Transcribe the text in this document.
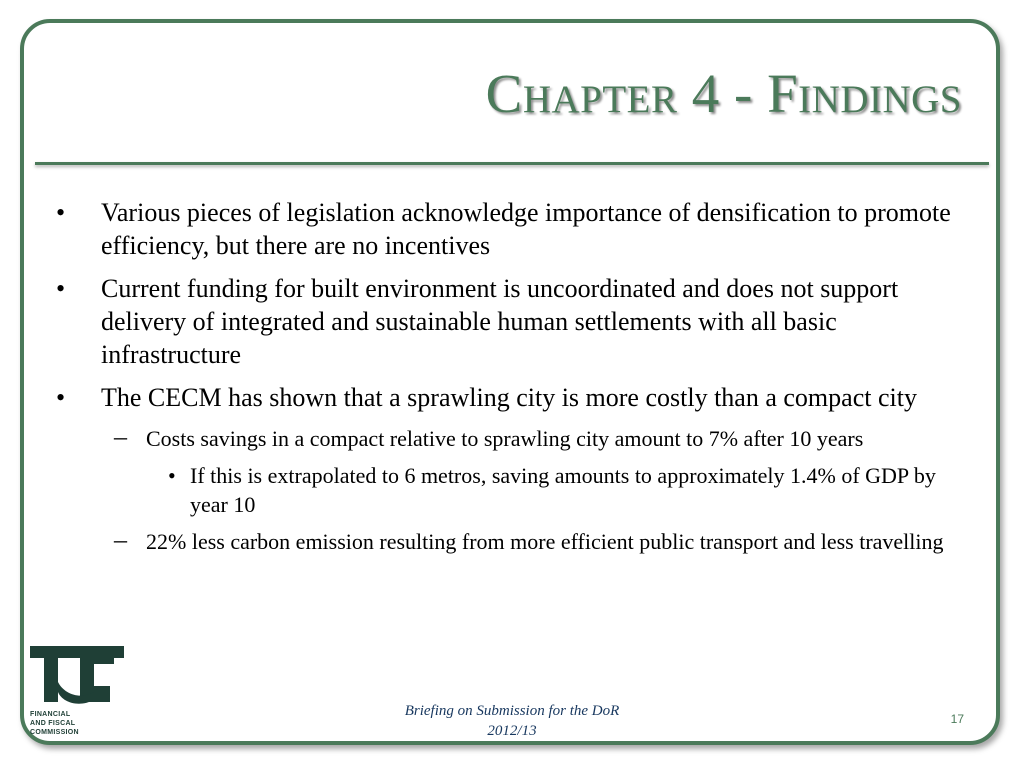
Chapter 4 - Findings
• Various pieces of legislation acknowledge importance of densification to promote efficiency, but there are no incentives
• Current funding for built environment is uncoordinated and does not support delivery of integrated and sustainable human settlements with all basic infrastructure
• The CECM has shown that a sprawling city is more costly than a compact city
– Costs savings in a compact relative to sprawling city amount to 7% after 10 years
• If this is extrapolated to 6 metros, saving amounts to approximately 1.4% of GDP by year 10
– 22% less carbon emission resulting from more efficient public transport and less travelling
FINANCIAL
AND FISCAL
COMMISSION
Briefing on Submission for the DoR
2012/13
17
